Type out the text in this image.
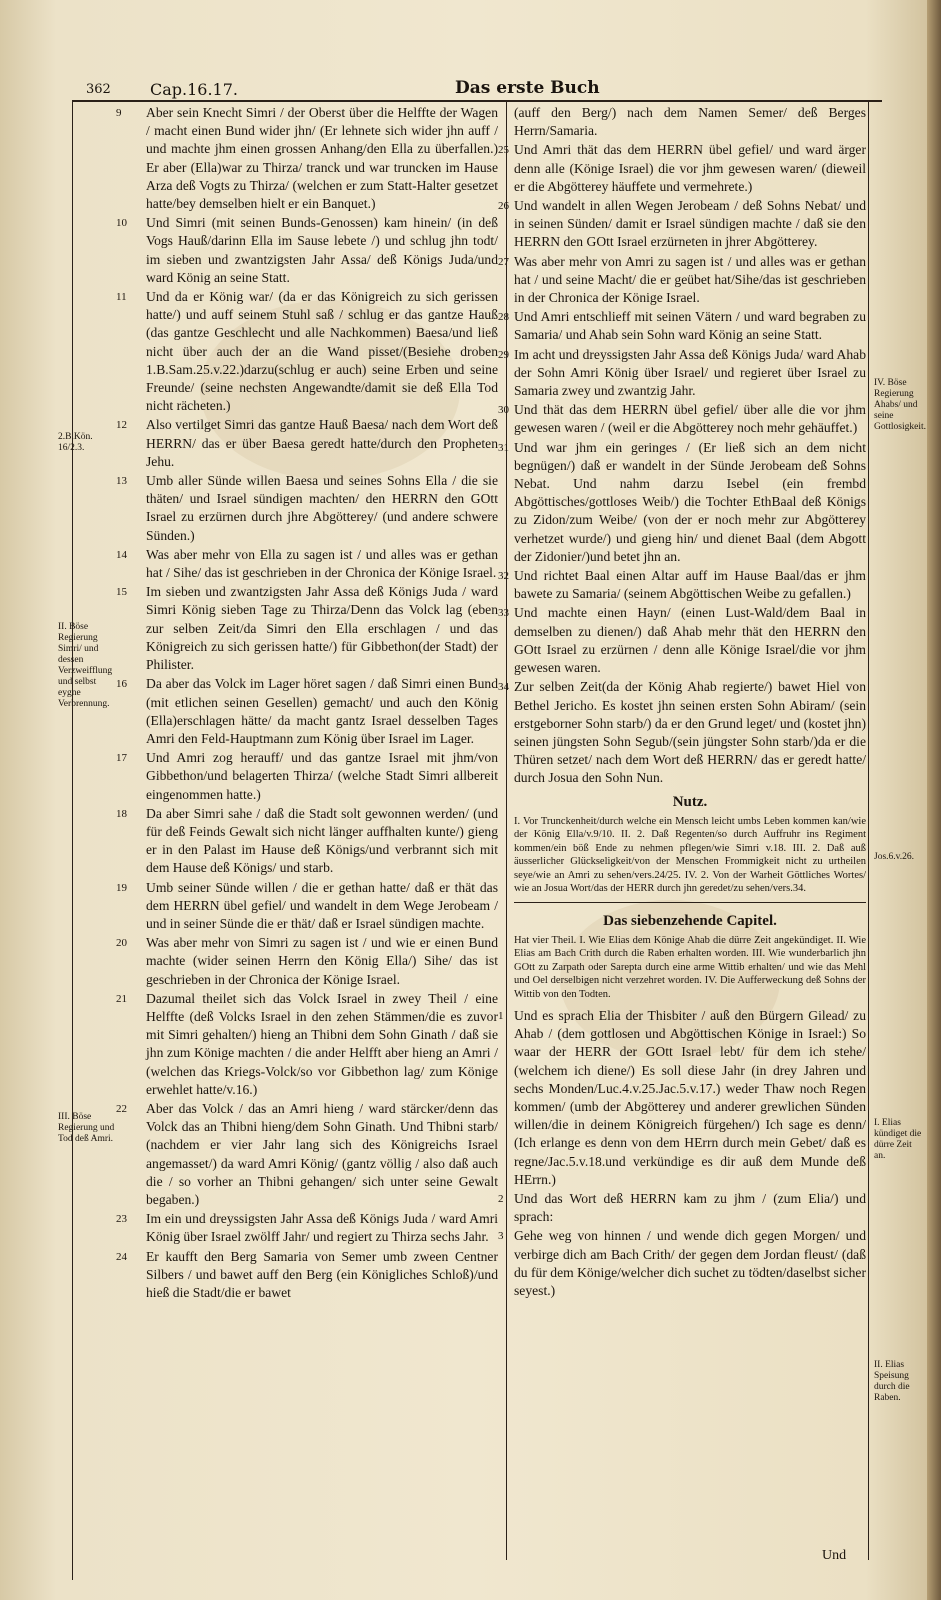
362 Cap.16.17.	Das erste Buch
9 Aber sein Knecht Simri / der Oberst über die Helffte der Wagen / macht einen Bund wider jhn/ (Er lehnete sich wider jhn auff / und machte jhm einen grossen Anhang/den Ella zu überfallen.) Er aber (Ella)war zu Thirza/ tranck und war truncken im Hause Arza deß Vogts zu Thirza/ (welchen er zum Statt-Halter gesetzet hatte/bey demselben hielt er ein Banquet.)
10 Und Simri (mit seinen Bunds-Genossen) kam hinein/ (in deß Vogs Hauß/darinn Ella im Sause lebete /) und schlug jhn todt/ im sieben und zwantzigsten Jahr Assa/ deß Königs Juda/und ward König an seine Statt.
11 Und da er König war/ (da er das Königreich zu sich gerissen hatte/) und auff seinem Stuhl saß / schlug er das gantze Hauß (das gantze Geschlecht und alle Nachkommen) Baesa/und ließ nicht über auch der an die Wand pisset/(Besiehe droben 1.B.Sam.25.v.22.)darzu(schlug er auch) seine Erben und seine Freunde/ (seine nechsten Angewandte/damit sie deß Ella Tod nicht rächeten.)
12 Also vertilget Simri das gantze Hauß Baesa/ nach dem Wort deß HERRN/ das er über Baesa geredt hatte/durch den Propheten Jehu.
13 Umb aller Sünde willen Baesa und seines Sohns Ella / die sie thäten/ und Israel sündigen machten/ den HERRN den GOtt Israel zu erzürnen durch jhre Abgötterey/ (und andere schwere Sünden.)
14 Was aber mehr von Ella zu sagen ist / und alles was er gethan hat / Sihe/ das ist geschrieben in der Chronica der Könige Israel.
15 Im sieben und zwantzigsten Jahr Assa deß Königs Juda / ward Simri König sieben Tage zu Thirza/Denn das Volck lag (eben zur selben Zeit/da Simri den Ella erschlagen / und das Königreich zu sich gerissen hatte/) für Gibbethon(der Stadt) der Philister.
16 Da aber das Volck im Lager höret sagen / daß Simri einen Bund (mit etlichen seinen Gesellen) gemacht/ und auch den König (Ella)erschlagen hätte/ da macht gantz Israel desselben Tages Amri den Feld-Hauptmann zum König über Israel im Lager.
17 Und Amri zog herauff/ und das gantze Israel mit jhm/von Gibbethon/und belagerten Thirza/ (welche Stadt Simri allbereit eingenommen hatte.)
18 Da aber Simri sahe / daß die Stadt solt gewonnen werden/ (und für deß Feinds Gewalt sich nicht länger auffhalten kunte/) gieng er in den Palast im Hause deß Königs/und verbrannt sich mit dem Hause deß Königs/ und starb.
19 Umb seiner Sünde willen / die er gethan hatte/ daß er thät das dem HERRN übel gefiel/ und wandelt in dem Wege Jerobeam / und in seiner Sünde die er thät/ daß er Israel sündigen machte.
20 Was aber mehr von Simri zu sagen ist / und wie er einen Bund machte (wider seinen Herrn den König Ella/) Sihe/ das ist geschrieben in der Chronica der Könige Israel.
21 Dazumal theilet sich das Volck Israel in zwey Theil / eine Helffte (deß Volcks Israel in den zehen Stämmen/die es zuvor mit Simri gehalten/) hieng an Thibni dem Sohn Ginath / daß sie jhn zum Könige machten / die ander Helfft aber hieng an Amri / (welchen das Kriegs-Volck/so vor Gibbethon lag/ zum Könige erwehlet hatte/v.16.)
22 Aber das Volck / das an Amri hieng / ward stärcker/denn das Volck das an Thibni hieng/dem Sohn Ginath. Und Thibni starb/ (nachdem er vier Jahr lang sich des Königreichs Israel angemasset/) da ward Amri König/ (gantz völlig / also daß auch die / so vorher an Thibni gehangen/ sich unter seine Gewalt begaben.)
23 Im ein und dreyssigsten Jahr Assa deß Königs Juda / ward Amri König über Israel zwölff Jahr/ und regiert zu Thirza sechs Jahr.
24 Er kaufft den Berg Samaria von Semer umb zween Centner Silbers / und bawet auff den Berg (ein Königliches Schloß)/und hieß die Stadt/die er bawet
(auff den Berg/) nach dem Namen Semer/ deß Berges Herrn/Samaria.
25 Und Amri thät das dem HERRN übel gefiel/ und ward ärger denn alle (Könige Israel) die vor jhm gewesen waren/ (dieweil er die Abgötterey häuffete und vermehrete.)
26 Und wandelt in allen Wegen Jerobeam / deß Sohns Nebat/ und in seinen Sünden/ damit er Israel sündigen machte / daß sie den HERRN den GOtt Israel erzürneten in jhrer Abgötterey.
27 Was aber mehr von Amri zu sagen ist / und alles was er gethan hat / und seine Macht/ die er geübet hat/Sihe/das ist geschrieben in der Chronica der Könige Israel.
28 Und Amri entschlieff mit seinen Vätern / und ward begraben zu Samaria/ und Ahab sein Sohn ward König an seine Statt.
29 Im acht und dreyssigsten Jahr Assa deß Königs Juda/ ward Ahab der Sohn Amri König über Israel/ und regieret über Israel zu Samaria zwey und zwantzig Jahr.
30 Und thät das dem HERRN übel gefiel/ über alle die vor jhm gewesen waren / (weil er die Abgötterey noch mehr gehäuffet.)
31 Und war jhm ein geringes / (Er ließ sich an dem nicht begnügen/) daß er wandelt in der Sünde Jerobeam deß Sohns Nebat. Und nahm darzu Isebel (ein frembd Abgöttisches/gottloses Weib/) die Tochter EthBaal deß Königs zu Zidon/zum Weibe/ (von der er noch mehr zur Abgötterey verhetzet wurde/) und gieng hin/ und dienet Baal (dem Abgott der Zidonier/)und betet jhn an.
32 Und richtet Baal einen Altar auff im Hause Baal/das er jhm bawete zu Samaria/ (seinem Abgöttischen Weibe zu gefallen.)
33 Und machte einen Hayn/ (einen Lust-Wald/dem Baal in demselben zu dienen/) daß Ahab mehr thät den HERRN den GOtt Israel zu erzürnen / denn alle Könige Israel/die vor jhm gewesen waren.
34 Zur selben Zeit(da der König Ahab regierte/) bawet Hiel von Bethel Jericho. Es kostet jhn seinen ersten Sohn Abiram/ (sein erstgeborner Sohn starb/) da er den Grund leget/ und (kostet jhn) seinen jüngsten Sohn Segub/(sein jüngster Sohn starb/)da er die Thüren setzet/ nach dem Wort deß HERRN/ das er geredt hatte/ durch Josua den Sohn Nun.
Nutz.
I. Vor Trunckenheit/durch welche ein Mensch leicht umbs Leben kommen kan/wie der König Ella/v.9/10. II. 2. Daß Regenten/so durch Auffruhr ins Regiment kommen/ein böß Ende zu nehmen pflegen/wie Simri v.18. III. 2. Daß auß äusserlicher Glückseligkeit/von der Menschen Frommigkeit nicht zu urtheilen seye/wie an Amri zu sehen/vers.24/25. IV. 2. Von der Warheit Göttliches Wortes/ wie an Josua Wort/das der HERR durch jhn geredet/zu sehen/vers.34.
Das siebenzehende Capitel.
Hat vier Theil. I. Wie Elias dem Könige Ahab die dürre Zeit angekündiget. II. Wie Elias am Bach Crith durch die Raben erhalten worden. III. Wie wunderbarlich jhn GOtt zu Zarpath oder Sarepta durch eine arme Wittib erhalten/ und wie das Mehl und Oel derselbigen nicht verzehret worden. IV. Die Aufferweckung deß Sohns der Wittib von den Todten.
1 Und es sprach Elia der Thisbiter / auß den Bürgern Gilead/ zu Ahab / (dem gottlosen und Abgöttischen Könige in Israel:) So waar der HERR der GOtt Israel lebt/ für dem ich stehe/ (welchem ich diene/) Es soll diese Jahr (in drey Jahren und sechs Monden/Luc.4.v.25.Jac.5.v.17.) weder Thaw noch Regen kommen/ (umb der Abgötterey und anderer grewlichen Sünden willen/die in deinem Königreich fürgehen/) Ich sage es denn/ (Ich erlange es denn von dem HErrn durch mein Gebet/ daß es regne/Jac.5.v.18.und verkündige es dir auß dem Munde deß HErrn.)
2 Und das Wort deß HERRN kam zu jhm / (zum Elia/) und sprach:
3 Gehe weg von hinnen / und wende dich gegen Morgen/ und verbirge dich am Bach Crith/ der gegen dem Jordan fleust/ (daß du für dem Könige/welcher dich suchet zu tödten/daselbst sicher seyest.)
2.B.Kön. 16/2.3.
II. Böse Regierung Simri/ und dessen Verzweifflung und selbst eygne Verbrennung.
III. Böse Regierung und Tod deß Amri.
IV. Böse Regierung Ahabs/ und seine Gottlosigkeit.
Jos.6.v.26.
I. Elias kündiget die dürre Zeit an.
II. Elias Speisung durch die Raben.
Und
